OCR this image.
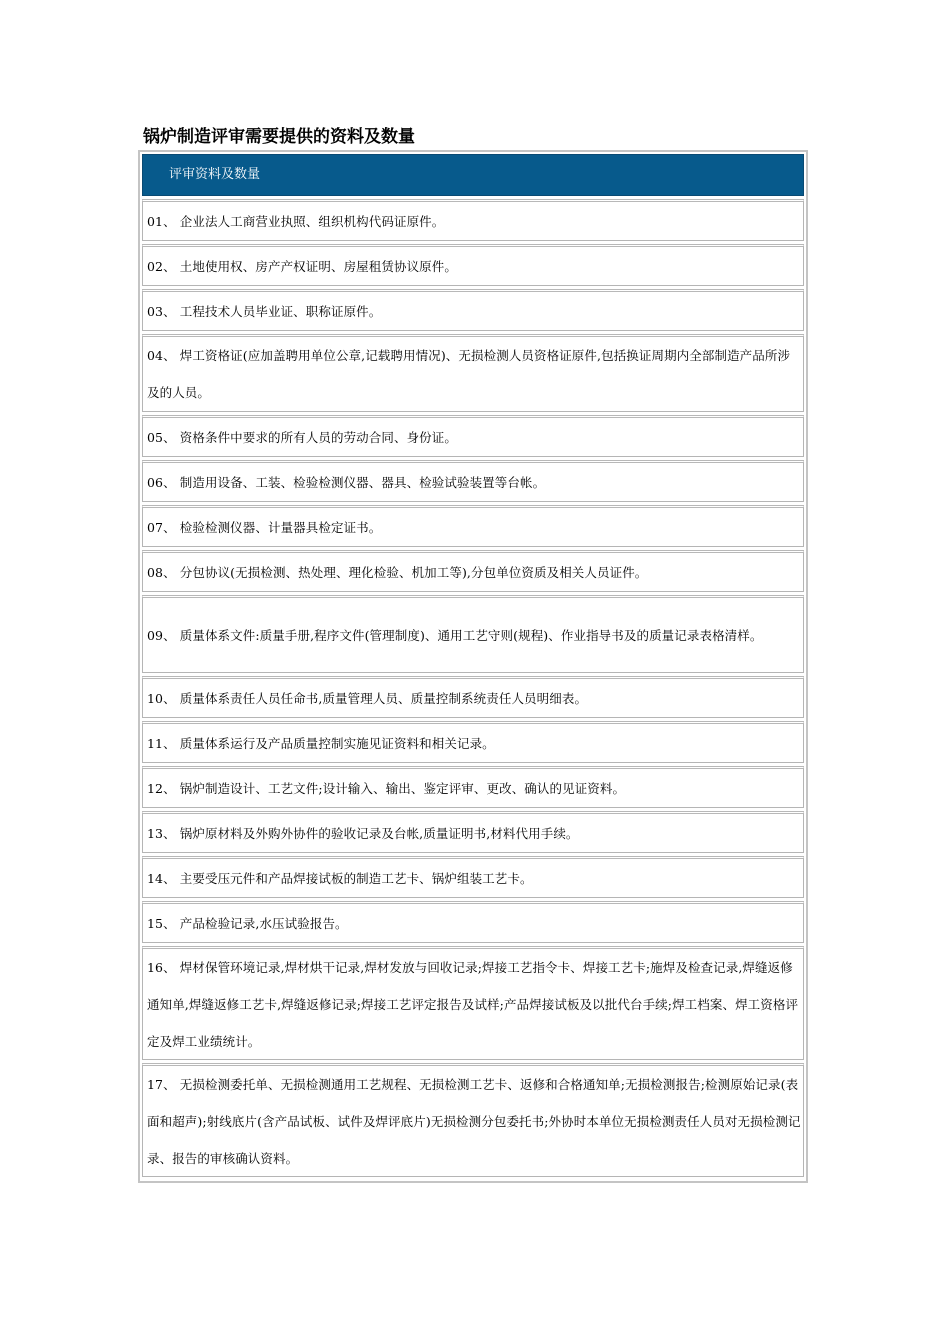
锅炉制造评审需要提供的资料及数量
评审资料及数量
01、 企业法人工商营业执照、组织机构代码证原件。
02、 土地使用权、房产产权证明、房屋租赁协议原件。
03、 工程技术人员毕业证、职称证原件。
04、 焊工资格证(应加盖聘用单位公章,记载聘用情况)、无损检测人员资格证原件,包括换证周期内全部制造产品所涉及的人员。
05、 资格条件中要求的所有人员的劳动合同、身份证。
06、 制造用设备、工装、检验检测仪器、器具、检验试验装置等台帐。
07、 检验检测仪器、计量器具检定证书。
08、 分包协议(无损检测、热处理、理化检验、机加工等),分包单位资质及相关人员证件。
09、 质量体系文件:质量手册,程序文件(管理制度)、通用工艺守则(规程)、作业指导书及的质量记录表格清样。
10、 质量体系责任人员任命书,质量管理人员、质量控制系统责任人员明细表。
11、 质量体系运行及产品质量控制实施见证资料和相关记录。
12、 锅炉制造设计、工艺文件;设计输入、输出、鉴定评审、更改、确认的见证资料。
13、 锅炉原材料及外购外协件的验收记录及台帐,质量证明书,材料代用手续。
14、 主要受压元件和产品焊接试板的制造工艺卡、锅炉组装工艺卡。
15、 产品检验记录,水压试验报告。
16、 焊材保管环境记录,焊材烘干记录,焊材发放与回收记录;焊接工艺指令卡、焊接工艺卡;施焊及检查记录,焊缝返修通知单,焊缝返修工艺卡,焊缝返修记录;焊接工艺评定报告及试样;产品焊接试板及以批代台手续;焊工档案、焊工资格评定及焊工业绩统计。
17、 无损检测委托单、无损检测通用工艺规程、无损检测工艺卡、返修和合格通知单;无损检测报告;检测原始记录(表面和超声);射线底片(含产品试板、试件及焊评底片)无损检测分包委托书;外协时本单位无损检测责任人员对无损检测记录、报告的审核确认资料。
